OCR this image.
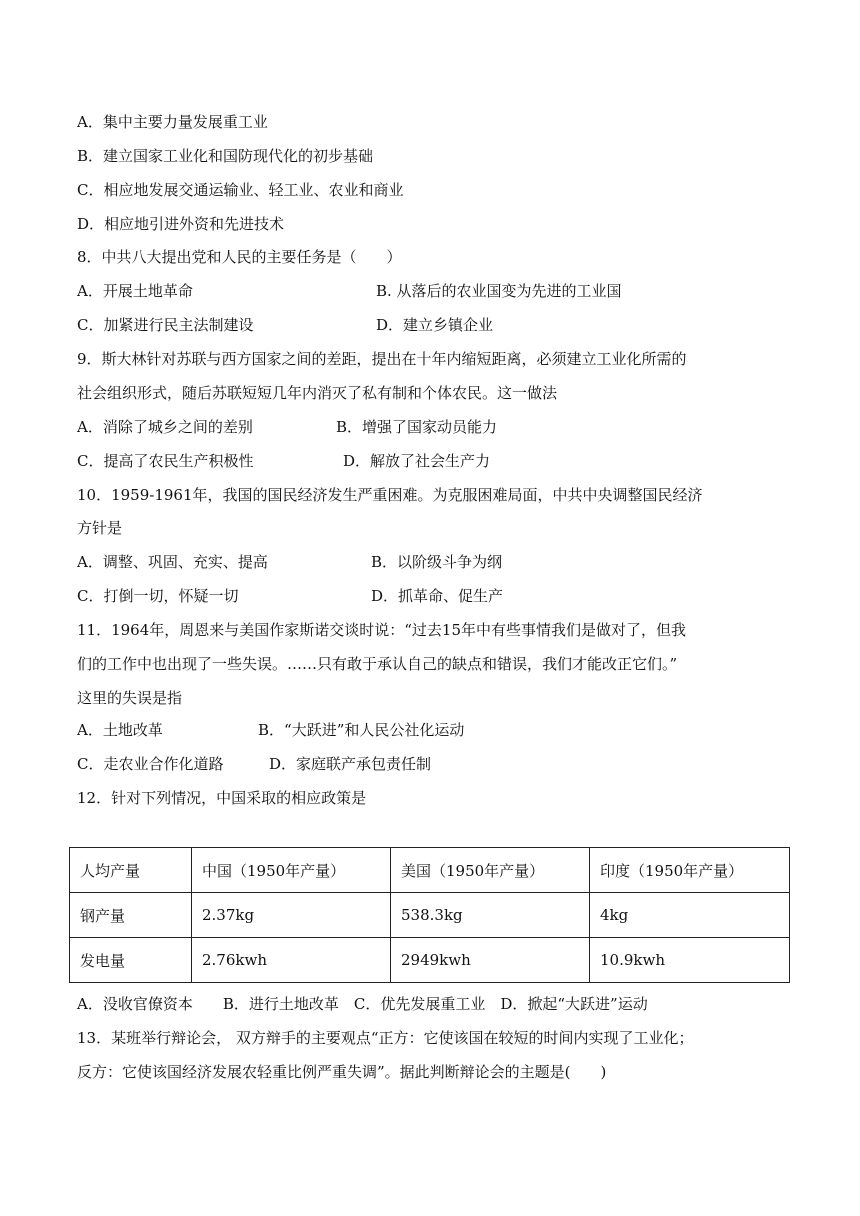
A．集中主要力量发展重工业
B．建立国家工业化和国防现代化的初步基础
C．相应地发展交通运输业、轻工业、农业和商业
D．相应地引进外资和先进技术
8．中共八大提出党和人民的主要任务是（　　）
A．开展土地革命	B. 从落后的农业国变为先进的工业国
C．加紧进行民主法制建设	D．建立乡镇企业
9．斯大林针对苏联与西方国家之间的差距，提出在十年内缩短距离，必须建立工业化所需的
社会组织形式，随后苏联短短几年内消灭了私有制和个体农民。这一做法
A．消除了城乡之间的差别	B．增强了国家动员能力
C．提高了农民生产积极性	D．解放了社会生产力
10．1959-1961年，我国的国民经济发生严重困难。为克服困难局面，中共中央调整国民经济
方针是
A．调整、巩固、充实、提高	B．以阶级斗争为纲
C．打倒一切，怀疑一切	D．抓革命、促生产
11．1964年，周恩来与美国作家斯诺交谈时说：“过去15年中有些事情我们是做对了，但我
们的工作中也出现了一些失误。……只有敢于承认自己的缺点和错误，我们才能改正它们。”
这里的失误是指
A．土地改革	B．“大跃进”和人民公社化运动
C．走农业合作化道路	D．家庭联产承包责任制
12．针对下列情况，中国采取的相应政策是
人均产量	中国（1950年产量）	美国（1950年产量）	印度（1950年产量）
钢产量	2.37kg	538.3kg	4kg
发电量	2.76kwh	2949kwh	10.9kwh
A．没收官僚资本　　B．进行土地改革　C．优先发展重工业　D．掀起“大跃进”运动
13．某班举行辩论会， 双方辩手的主要观点“正方：它使该国在较短的时间内实现了工业化；
反方：它使该国经济发展农轻重比例严重失调”。据此判断辩论会的主题是(　　)
